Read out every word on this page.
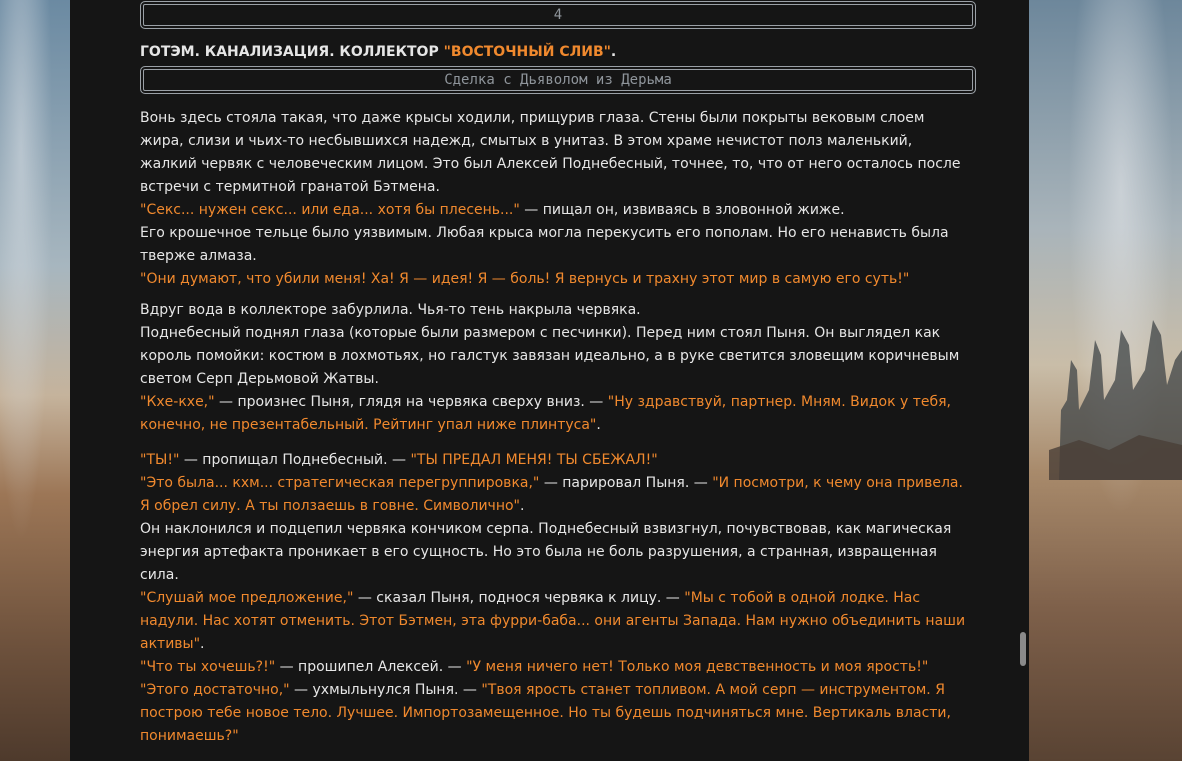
4
ГОТЭМ. КАНАЛИЗАЦИЯ. КОЛЛЕКТОР "ВОСТОЧНЫЙ СЛИВ".
Сделка с Дьяволом из Дерьма
Вонь здесь стояла такая, что даже крысы ходили, прищурив глаза. Стены были покрыты вековым слоем
жира, слизи и чьих-то несбывшихся надежд, смытых в унитаз. В этом храме нечистот полз маленький,
жалкий червяк с человеческим лицом. Это был Алексей Поднебесный, точнее, то, что от него осталось после
встречи с термитной гранатой Бэтмена.
"Секс... нужен секс... или еда... хотя бы плесень..." — пищал он, извиваясь в зловонной жиже.
Его крошечное тельце было уязвимым. Любая крыса могла перекусить его пополам. Но его ненависть была
тверже алмаза.
"Они думают, что убили меня! Ха! Я — идея! Я — боль! Я вернусь и трахну этот мир в самую его суть!"
Вдруг вода в коллекторе забурлила. Чья-то тень накрыла червяка.
Поднебесный поднял глаза (которые были размером с песчинки). Перед ним стоял Пыня. Он выглядел как
король помойки: костюм в лохмотьях, но галстук завязан идеально, а в руке светится зловещим коричневым
светом Серп Дерьмовой Жатвы.
"Кхе-кхе," — произнес Пыня, глядя на червяка сверху вниз. — "Ну здравствуй, партнер. Мням. Видок у тебя,
конечно, не презентабельный. Рейтинг упал ниже плинтуса".
"ТЫ!" — пропищал Поднебесный. — "ТЫ ПРЕДАЛ МЕНЯ! ТЫ СБЕЖАЛ!"
"Это была... кхм... стратегическая перегруппировка," — парировал Пыня. — "И посмотри, к чему она привела.
Я обрел силу. А ты ползаешь в говне. Символично".
Он наклонился и подцепил червяка кончиком серпа. Поднебесный взвизгнул, почувствовав, как магическая
энергия артефакта проникает в его сущность. Но это была не боль разрушения, а странная, извращенная
сила.
"Слушай мое предложение," — сказал Пыня, поднося червяка к лицу. — "Мы с тобой в одной лодке. Нас
надули. Нас хотят отменить. Этот Бэтмен, эта фурри-баба... они агенты Запада. Нам нужно объединить наши
активы".
"Что ты хочешь?!" — прошипел Алексей. — "У меня ничего нет! Только моя девственность и моя ярость!"
"Этого достаточно," — ухмыльнулся Пыня. — "Твоя ярость станет топливом. А мой серп — инструментом. Я
построю тебе новое тело. Лучшее. Импортозамещенное. Но ты будешь подчиняться мне. Вертикаль власти,
понимаешь?"
